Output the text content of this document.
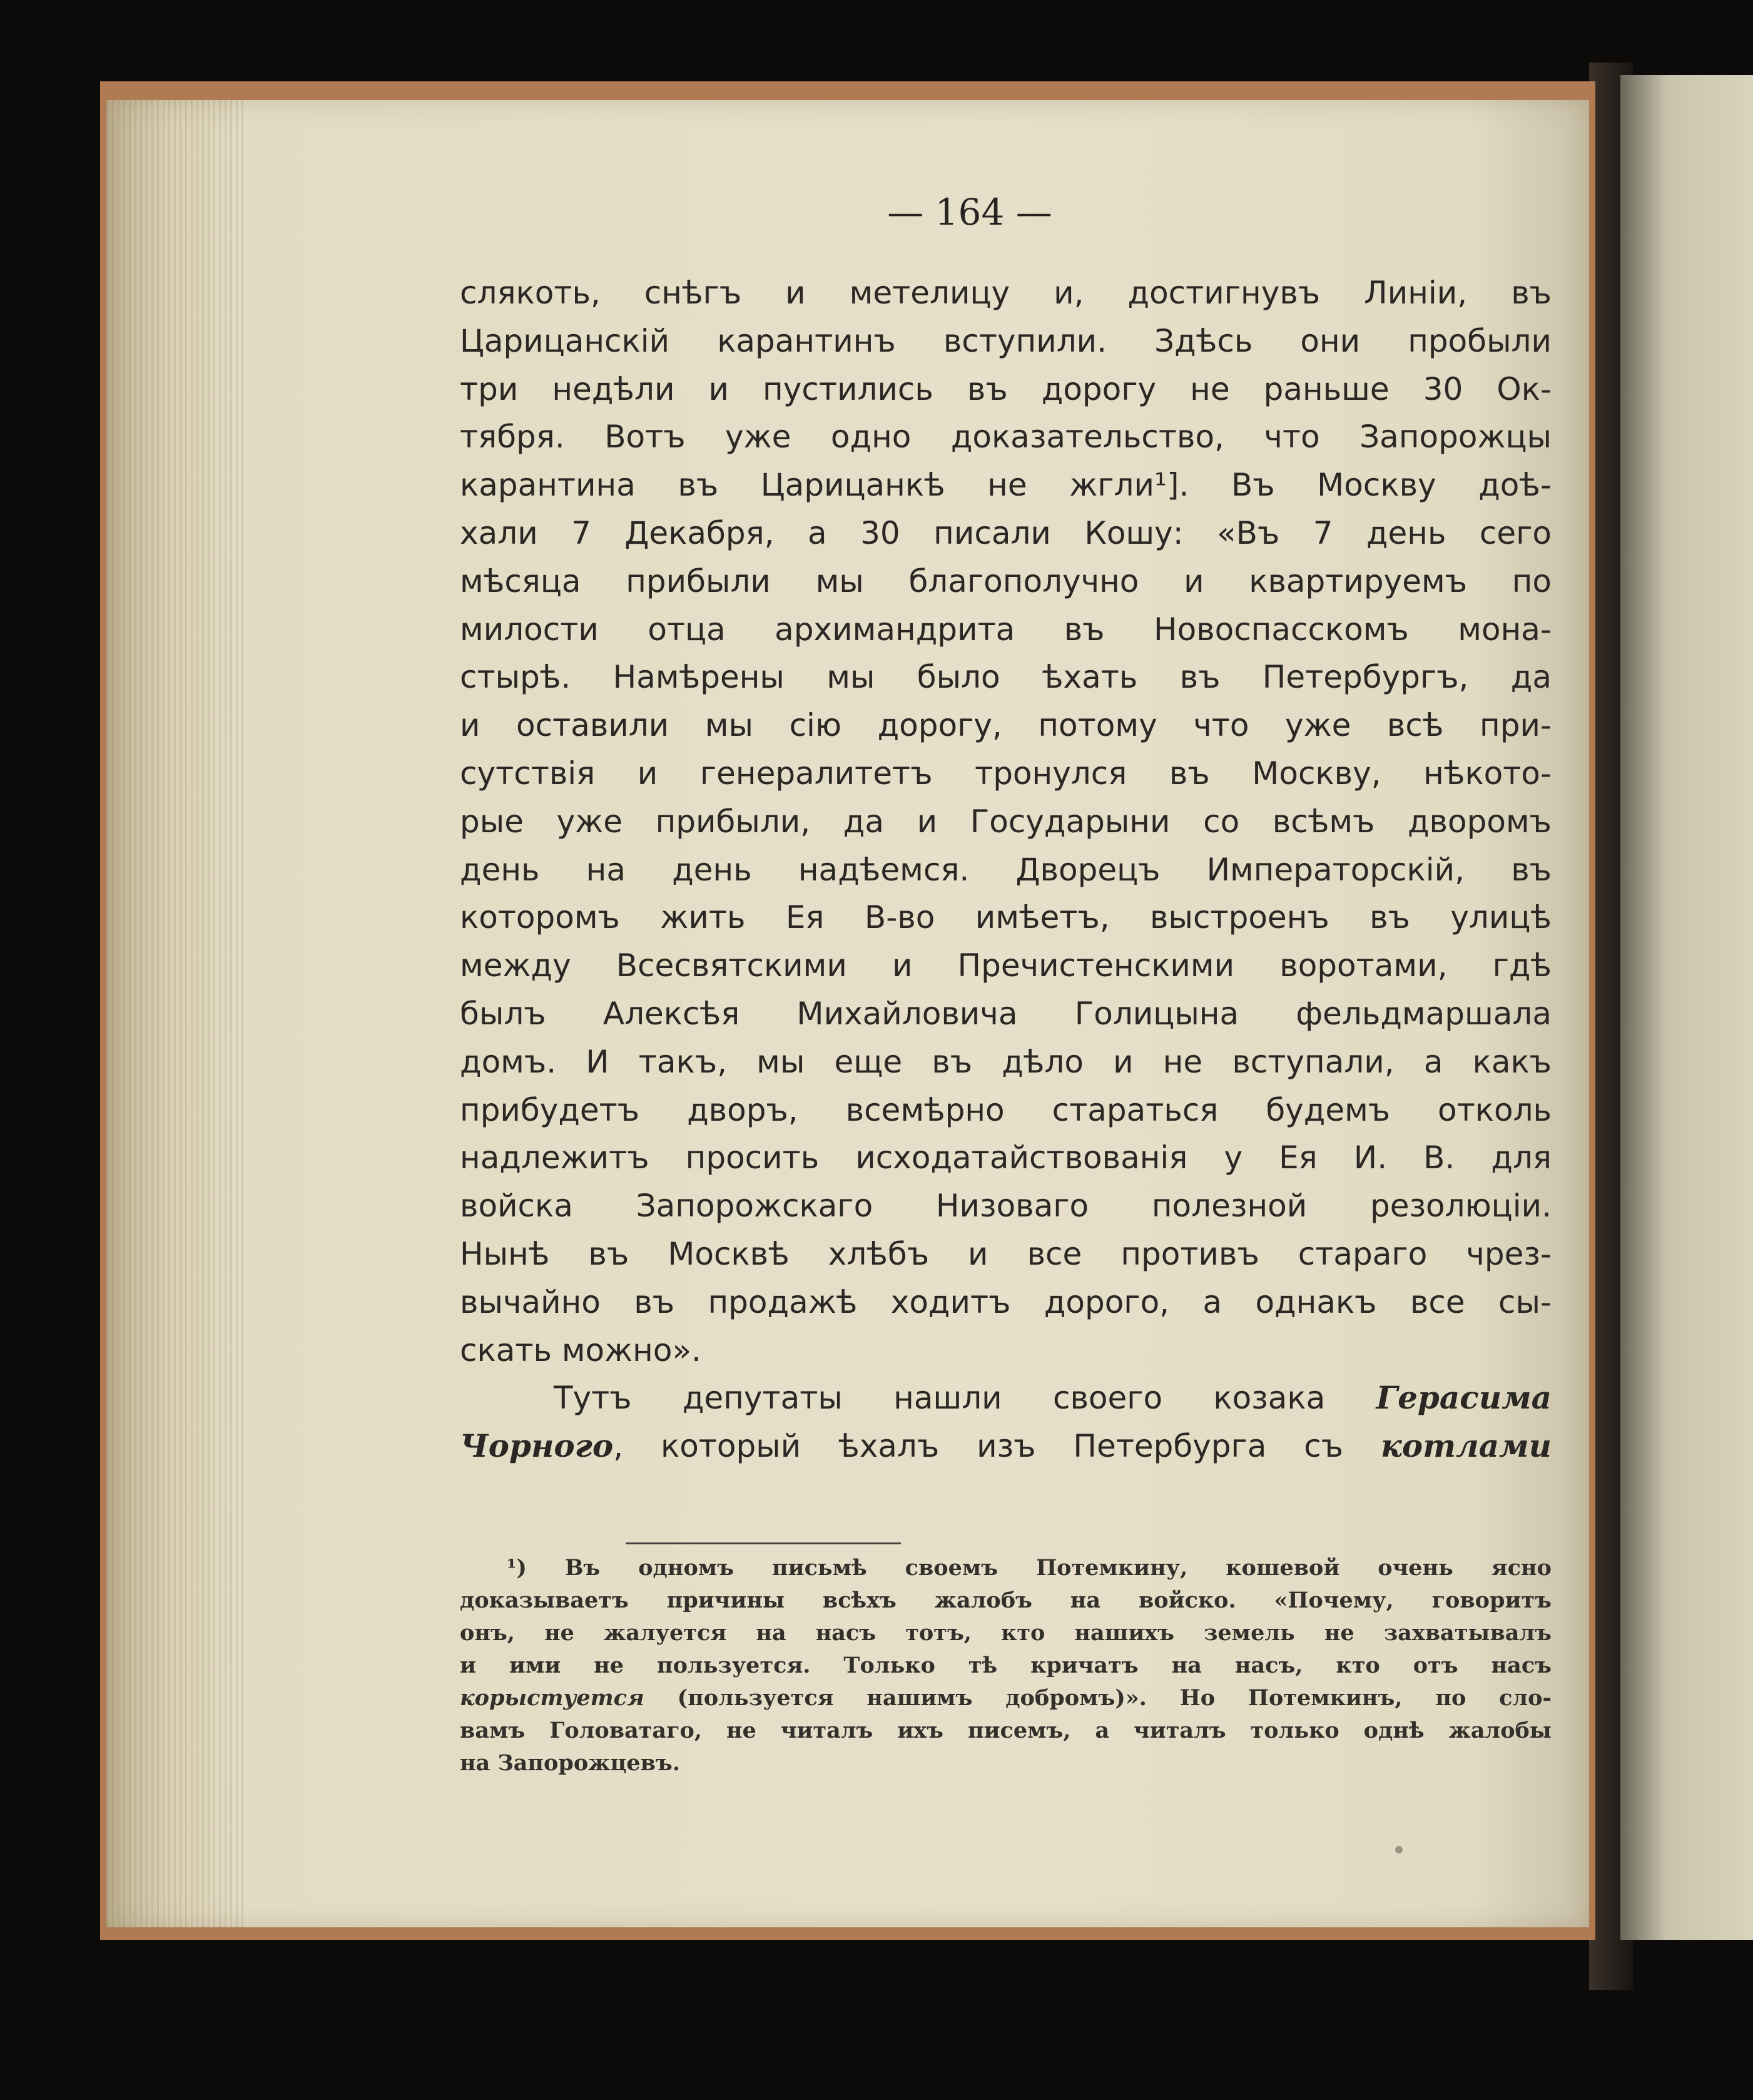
— 164 —
слякоть, снѣгъ и метелицу и, достигнувъ Линіи, въ
Царицанскій карантинъ вступили. Здѣсь они пробыли
три недѣли и пустились въ дорогу не раньше 30 Ок-
тября. Вотъ уже одно доказательство, что Запорожцы
карантина въ Царицанкѣ не жгли¹]. Въ Москву доѣ-
хали 7 Декабря, а 30 писали Кошу: «Въ 7 день сего
мѣсяца прибыли мы благополучно и квартируемъ по
милости отца архимандрита въ Новоспасскомъ мона-
стырѣ. Намѣрены мы было ѣхать въ Петербургъ, да
и оставили мы сію дорогу, потому что уже всѣ при-
сутствія и генералитетъ тронулся въ Москву, нѣкото-
рые уже прибыли, да и Государыни со всѣмъ дворомъ
день на день надѣемся. Дворецъ Императорскій, въ
которомъ жить Ея В-во имѣетъ, выстроенъ въ улицѣ
между Всесвятскими и Пречистенскими воротами, гдѣ
былъ Алексѣя Михайловича Голицына фельдмаршала
домъ. И такъ, мы еще въ дѣло и не вступали, а какъ
прибудетъ дворъ, всемѣрно стараться будемъ отколь
надлежитъ просить исходатайствованія у Ея И. В. для
войска Запорожскаго Низоваго полезной резолюціи.
Нынѣ въ Москвѣ хлѣбъ и все противъ стараго чрез-
вычайно въ продажѣ ходитъ дорого, а однакъ все сы-
скать можно».
Тутъ депутаты нашли своего козака Герасима
Чорного, который ѣхалъ изъ Петербурга съ котлами
¹) Въ одномъ письмѣ своемъ Потемкину, кошевой очень ясно
доказываетъ причины всѣхъ жалобъ на войско. «Почему, говоритъ
онъ, не жалуется на насъ тотъ, кто нашихъ земель не захватывалъ
и ими не пользуется. Только тѣ кричатъ на насъ, кто отъ насъ
корыстуется (пользуется нашимъ добромъ)». Но Потемкинъ, по сло-
вамъ Головатаго, не читалъ ихъ писемъ, а читалъ только однѣ жалобы
на Запорожцевъ.
